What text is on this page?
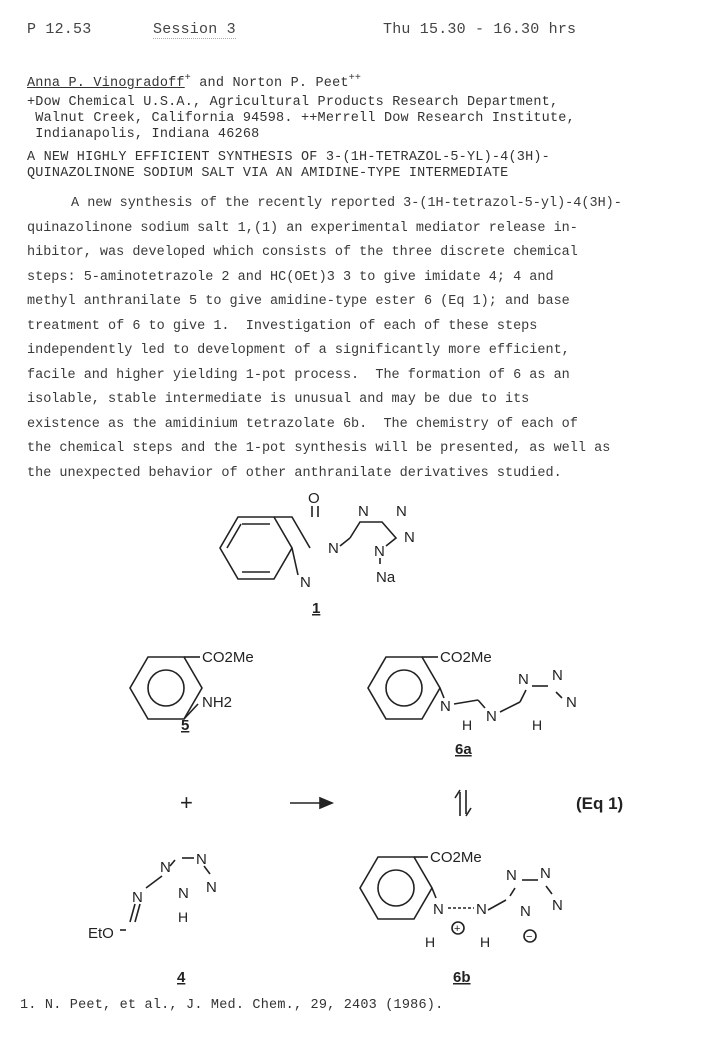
P 12.53	Session 3	Thu 15.30 - 16.30 hrs
Anna P. Vinogradoff+ and Norton P. Peet++
+Dow Chemical U.S.A., Agricultural Products Research Department,
Walnut Creek, California 94598. ++Merrell Dow Research Institute,
Indianapolis, Indiana 46268
A NEW HIGHLY EFFICIENT SYNTHESIS OF 3-(1H-TETRAZOL-5-YL)-4(3H)-
QUINAZOLINONE SODIUM SALT VIA AN AMIDINE-TYPE INTERMEDIATE
A new synthesis of the recently reported 3-(1H-tetrazol-5-yl)-4(3H)-
quinazolinone sodium salt 1,(1) an experimental mediator release in-
hibitor, was developed which consists of the three discrete chemical
steps: 5-aminotetrazole 2 and HC(OEt)3 3 to give imidate 4; 4 and
methyl anthranilate 5 to give amidine-type ester 6 (Eq 1); and base
treatment of 6 to give 1.  Investigation of each of these steps
independently led to development of a significantly more efficient,
facile and higher yielding 1-pot process.  The formation of 6 as an
isolable, stable intermediate is unusual and may be due to its
existence as the amidinium tetrazolate 6b.  The chemistry of each of
the chemical steps and the 1-pot synthesis will be presented, as well as
the unexpected behavior of other anthranilate derivatives studied.
O
N
N
N N
N
N
Na
1
CO2Me
NH2
5
N
CO2Me
N
H	H
N N
N
6a
+	(Eq 1)
N N
N
N
H
N
EtO
4
CO2Me
N N
+
H	H
N N
N
N
−
6b
1. N. Peet, et al., J. Med. Chem., 29, 2403 (1986).
